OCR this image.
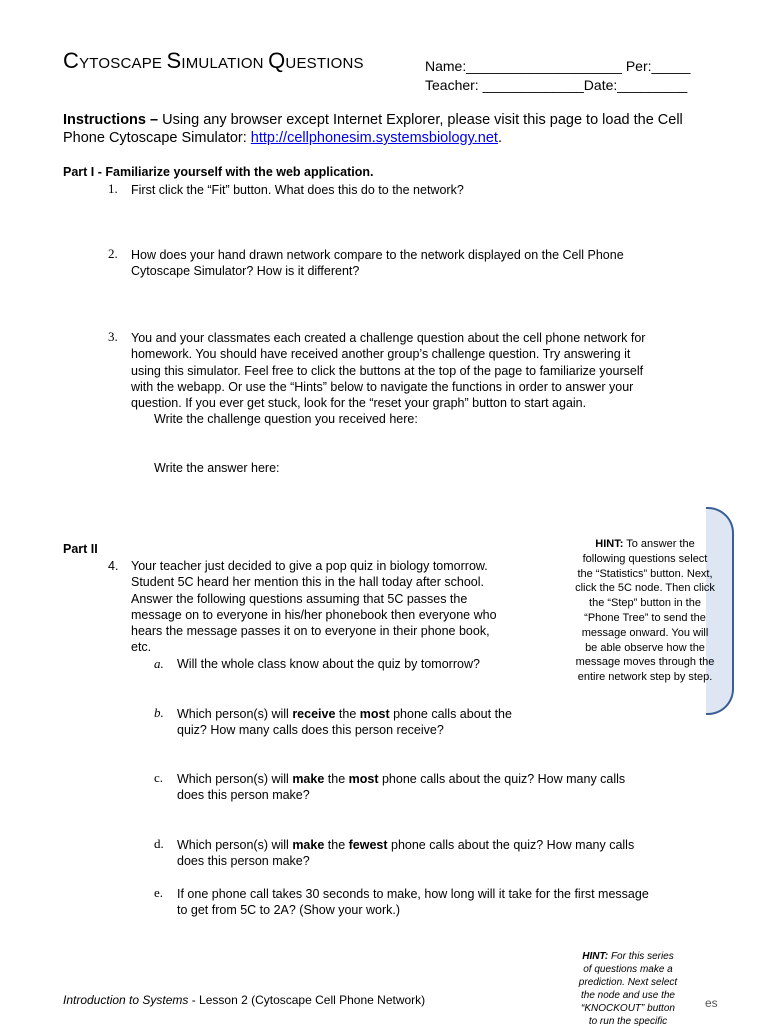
CYTOSCAPE SIMULATION QUESTIONS	Name:____________________ Per:_____
Teacher: _____________Date:_________
Instructions – Using any browser except Internet Explorer, please visit this page to load the Cell Phone Cytoscape Simulator: http://cellphonesim.systemsbiology.net.
Part I - Familiarize yourself with the web application.
1. First click the “Fit” button. What does this do to the network?
2. How does your hand drawn network compare to the network displayed on the Cell Phone
Cytoscape Simulator? How is it different?
3. You and your classmates each created a challenge question about the cell phone network for
homework. You should have received another group’s challenge question. Try answering it
using this simulator. Feel free to click the buttons at the top of the page to familiarize yourself
with the webapp. Or use the “Hints” below to navigate the functions in order to answer your
question. If you ever get stuck, look for the “reset your graph” button to start again.
Write the challenge question you received here:
Write the answer here:
Part II
4. Your teacher just decided to give a pop quiz in biology tomorrow.
Student 5C heard her mention this in the hall today after school.
Answer the following questions assuming that 5C passes the
message on to everyone in his/her phonebook then everyone who
hears the message passes it on to everyone in their phone book,
etc.
a. Will the whole class know about the quiz by tomorrow?
b. Which person(s) will receive the most phone calls about the
quiz? How many calls does this person receive?
c. Which person(s) will make the most phone calls about the quiz? How many calls
does this person make?
d. Which person(s) will make the fewest phone calls about the quiz? How many calls
does this person make?
e. If one phone call takes 30 seconds to make, how long will it take for the first message
to get from 5C to 2A? (Show your work.)
HINT: To answer the
following questions select
the “Statistics” button. Next,
click the 5C node. Then click
the “Step” button in the
“Phone Tree” to send the
message onward. You will
be able observe how the
message moves through the
entire network step by step.
HINT: For this series
of questions make a
prediction. Next select
the node and use the
“KNOCKOUT” button
to run the specific
Introduction to Systems - Lesson 2 (Cytoscape Cell Phone Network)	es
